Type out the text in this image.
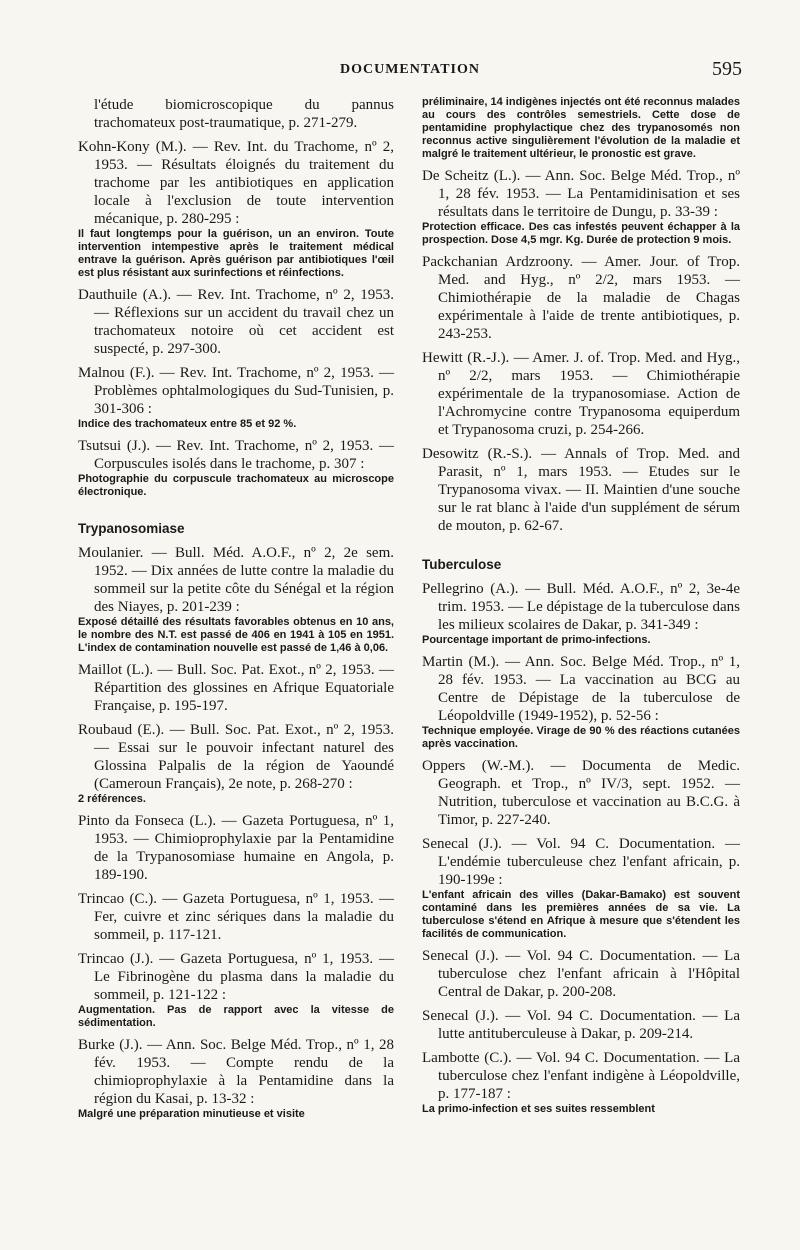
DOCUMENTATION	595

l'étude biomicroscopique du pannus trachomateux post-traumatique, p. 271-279.

Kohn-Kony (M.). — Rev. Int. du Trachome, nº 2, 1953. — Résultats éloignés du traitement du trachome par les antibiotiques en application locale à l'exclusion de toute intervention mécanique, p. 280-295 :

Il faut longtemps pour la guérison, un an environ. Toute intervention intempestive après le traitement médical entrave la guérison. Après guérison par antibiotiques l'œil est plus résistant aux surinfections et réinfections.

Dauthuile (A.). — Rev. Int. Trachome, nº 2, 1953. — Réflexions sur un accident du travail chez un trachomateux notoire où cet accident est suspecté, p. 297-300.

Malnou (F.). — Rev. Int. Trachome, nº 2, 1953. — Problèmes ophtalmologiques du Sud-Tunisien, p. 301-306 :

Indice des trachomateux entre 85 et 92 %.

Tsutsui (J.). — Rev. Int. Trachome, nº 2, 1953. — Corpuscules isolés dans le trachome, p. 307 :

Photographie du corpuscule trachomateux au microscope électronique.

Trypanosomiase

Moulanier. — Bull. Méd. A.O.F., nº 2, 2e sem. 1952. — Dix années de lutte contre la maladie du sommeil sur la petite côte du Sénégal et la région des Niayes, p. 201-239 :

Exposé détaillé des résultats favorables obtenus en 10 ans, le nombre des N.T. est passé de 406 en 1941 à 105 en 1951. L'index de contamination nouvelle est passé de 1,46 à 0,06.

Maillot (L.). — Bull. Soc. Pat. Exot., nº 2, 1953. — Répartition des glossines en Afrique Equatoriale Française, p. 195-197.

Roubaud (E.). — Bull. Soc. Pat. Exot., nº 2, 1953. — Essai sur le pouvoir infectant naturel des Glossina Palpalis de la région de Yaoundé (Cameroun Français), 2e note, p. 268-270 :

2 références.

Pinto da Fonseca (L.). — Gazeta Portuguesa, nº 1, 1953. — Chimioprophylaxie par la Pentamidine de la Trypanosomiase humaine en Angola, p. 189-190.

Trincao (C.). — Gazeta Portuguesa, nº 1, 1953. — Fer, cuivre et zinc sériques dans la maladie du sommeil, p. 117-121.

Trincao (J.). — Gazeta Portuguesa, nº 1, 1953. — Le Fibrinogène du plasma dans la maladie du sommeil, p. 121-122 :

Augmentation. Pas de rapport avec la vitesse de sédimentation.

Burke (J.). — Ann. Soc. Belge Méd. Trop., nº 1, 28 fév. 1953. — Compte rendu de la chimioprophylaxie à la Pentamidine dans la région du Kasai, p. 13-32 :

Malgré une préparation minutieuse et visite

préliminaire, 14 indigènes injectés ont été reconnus malades au cours des contrôles semestriels. Cette dose de pentamidine prophylactique chez des trypanosomés non reconnus active singulièrement l'évolution de la maladie et malgré le traitement ultérieur, le pronostic est grave.

De Scheitz (L.). — Ann. Soc. Belge Méd. Trop., nº 1, 28 fév. 1953. — La Pentamidinisation et ses résultats dans le territoire de Dungu, p. 33-39 :

Protection efficace. Des cas infestés peuvent échapper à la prospection. Dose 4,5 mgr. Kg. Durée de protection 9 mois.

Packchanian Ardzroony. — Amer. Jour. of Trop. Med. and Hyg., nº 2/2, mars 1953. — Chimiothérapie de la maladie de Chagas expérimentale à l'aide de trente antibiotiques, p. 243-253.

Hewitt (R.-J.). — Amer. J. of. Trop. Med. and Hyg., nº 2/2, mars 1953. — Chimiothérapie expérimentale de la trypanosomiase. Action de l'Achromycine contre Trypanosoma equiperdum et Trypanosoma cruzi, p. 254-266.

Desowitz (R.-S.). — Annals of Trop. Med. and Parasit, nº 1, mars 1953. — Etudes sur le Trypanosoma vivax. — II. Maintien d'une souche sur le rat blanc à l'aide d'un supplément de sérum de mouton, p. 62-67.

Tuberculose

Pellegrino (A.). — Bull. Méd. A.O.F., nº 2, 3e-4e trim. 1953. — Le dépistage de la tuberculose dans les milieux scolaires de Dakar, p. 341-349 :

Pourcentage important de primo-infections.

Martin (M.). — Ann. Soc. Belge Méd. Trop., nº 1, 28 fév. 1953. — La vaccination au BCG au Centre de Dépistage de la tuberculose de Léopoldville (1949-1952), p. 52-56 :

Technique employée. Virage de 90 % des réactions cutanées après vaccination.

Oppers (W.-M.). — Documenta de Medic. Geograph. et Trop., nº IV/3, sept. 1952. — Nutrition, tuberculose et vaccination au B.C.G. à Timor, p. 227-240.

Senecal (J.). — Vol. 94 C. Documentation. —L'endémie tuberculeuse chez l'enfant africain, p. 190-199e :

L'enfant africain des villes (Dakar-Bamako) est souvent contaminé dans les premières années de sa vie. La tuberculose s'étend en Afrique à mesure que s'étendent les facilités de communication.

Senecal (J.). — Vol. 94 C. Documentation. — La tuberculose chez l'enfant africain à l'Hôpital Central de Dakar, p. 200-208.

Senecal (J.). — Vol. 94 C. Documentation. — La lutte antituberculeuse à Dakar, p. 209-214.

Lambotte (C.). — Vol. 94 C. Documentation. — La tuberculose chez l'enfant indigène à Léopoldville, p. 177-187 :

La primo-infection et ses suites ressemblent
